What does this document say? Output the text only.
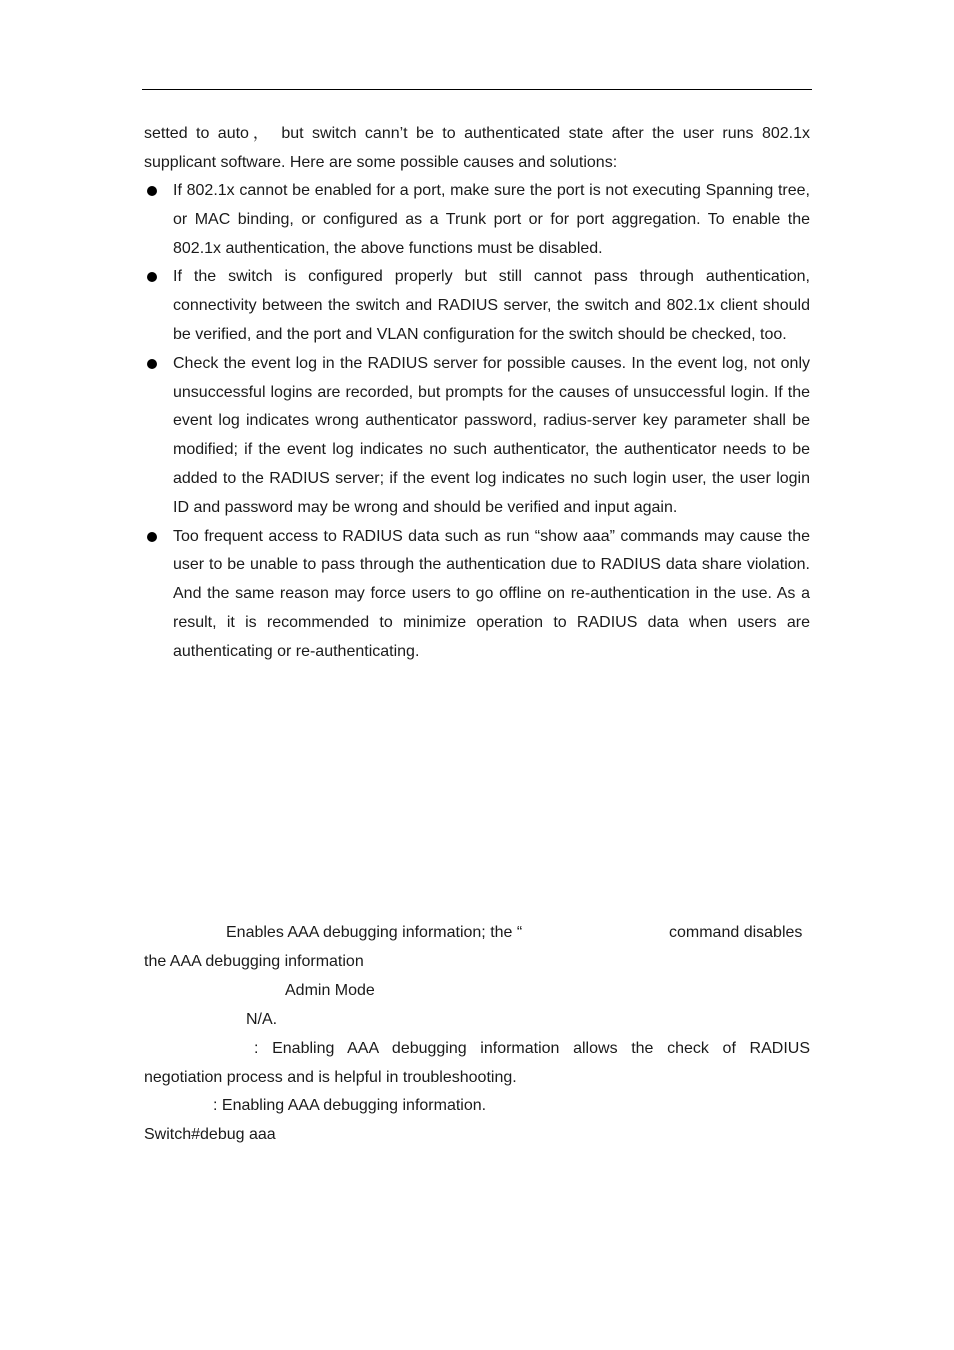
setted to auto， but switch cann’t be to authenticated state after the user runs 802.1x supplicant software. Here are some possible causes and solutions:

If 802.1x cannot be enabled for a port, make sure the port is not executing Spanning tree, or MAC binding, or configured as a Trunk port or for port aggregation. To enable the 802.1x authentication, the above functions must be disabled.
If the switch is configured properly but still cannot pass through authentication, connectivity between the switch and RADIUS server, the switch and 802.1x client should be verified, and the port and VLAN configuration for the switch should be checked, too.
Check the event log in the RADIUS server for possible causes. In the event log, not only unsuccessful logins are recorded, but prompts for the causes of unsuccessful login. If the event log indicates wrong authenticator password, radius-server key parameter shall be modified; if the event log indicates no such authenticator, the authenticator needs to be added to the RADIUS server; if the event log indicates no such login user, the user login ID and password may be wrong and should be verified and input again.
Too frequent access to RADIUS data such as run “show aaa” commands may cause the user to be unable to pass through the authentication due to RADIUS data share violation. And the same reason may force users to go offline on re-authentication in the use. As a result, it is recommended to minimize operation to RADIUS data when users are authenticating or re-authenticating.
Enables AAA debugging information; the “	command disables
the AAA debugging information
Admin Mode
N/A.

: Enabling AAA debugging information allows the check of RADIUS

negotiation process and is helpful in troubleshooting.
: Enabling AAA debugging information.
Switch#debug aaa
